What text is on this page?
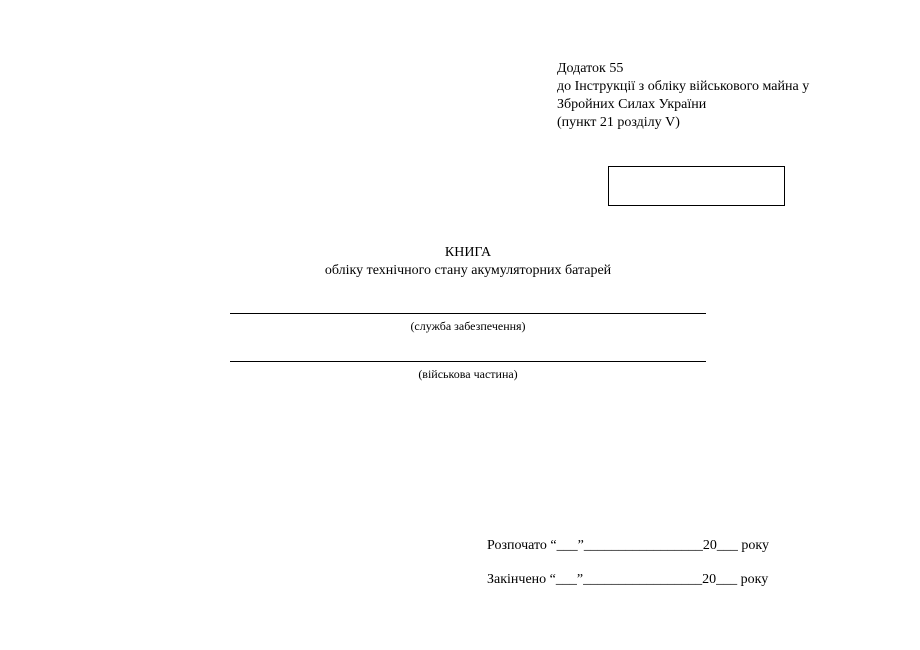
Додаток 55
до Інструкції з обліку військового майна у
Збройних Силах України
(пункт 21 розділу V)
КНИГА
обліку технічного стану акумуляторних батарей
(служба забезпечення)
(військова частина)
Розпочато “___”_________________20___ року
Закінчено “___”_________________20___ року
